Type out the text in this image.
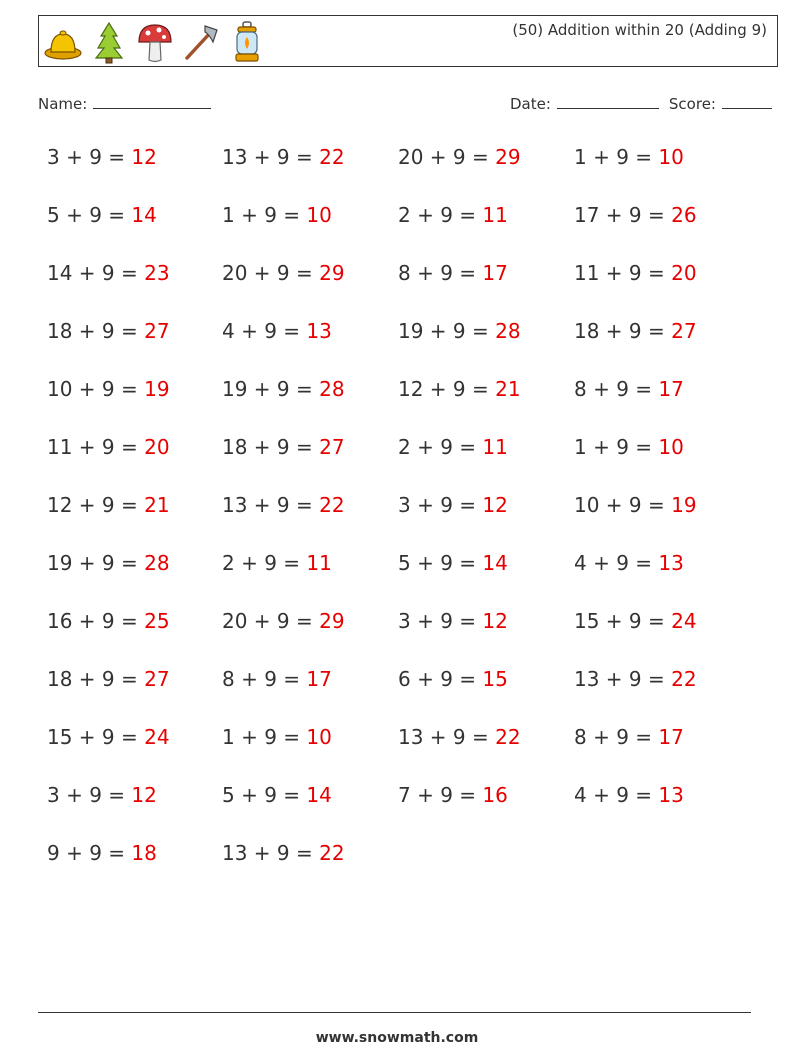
(50) Addition within 20 (Adding 9)
Name:	Date:	Score:
3 + 9 = 12	13 + 9 = 22	20 + 9 = 29	1 + 9 = 10
5 + 9 = 14	1 + 9 = 10	2 + 9 = 11	17 + 9 = 26
14 + 9 = 23	20 + 9 = 29	8 + 9 = 17	11 + 9 = 20
18 + 9 = 27	4 + 9 = 13	19 + 9 = 28	18 + 9 = 27
10 + 9 = 19	19 + 9 = 28	12 + 9 = 21	8 + 9 = 17
11 + 9 = 20	18 + 9 = 27	2 + 9 = 11	1 + 9 = 10
12 + 9 = 21	13 + 9 = 22	3 + 9 = 12	10 + 9 = 19
19 + 9 = 28	2 + 9 = 11	5 + 9 = 14	4 + 9 = 13
16 + 9 = 25	20 + 9 = 29	3 + 9 = 12	15 + 9 = 24
18 + 9 = 27	8 + 9 = 17	6 + 9 = 15	13 + 9 = 22
15 + 9 = 24	1 + 9 = 10	13 + 9 = 22	8 + 9 = 17
3 + 9 = 12	5 + 9 = 14	7 + 9 = 16	4 + 9 = 13
9 + 9 = 18	13 + 9 = 22
www.snowmath.com
